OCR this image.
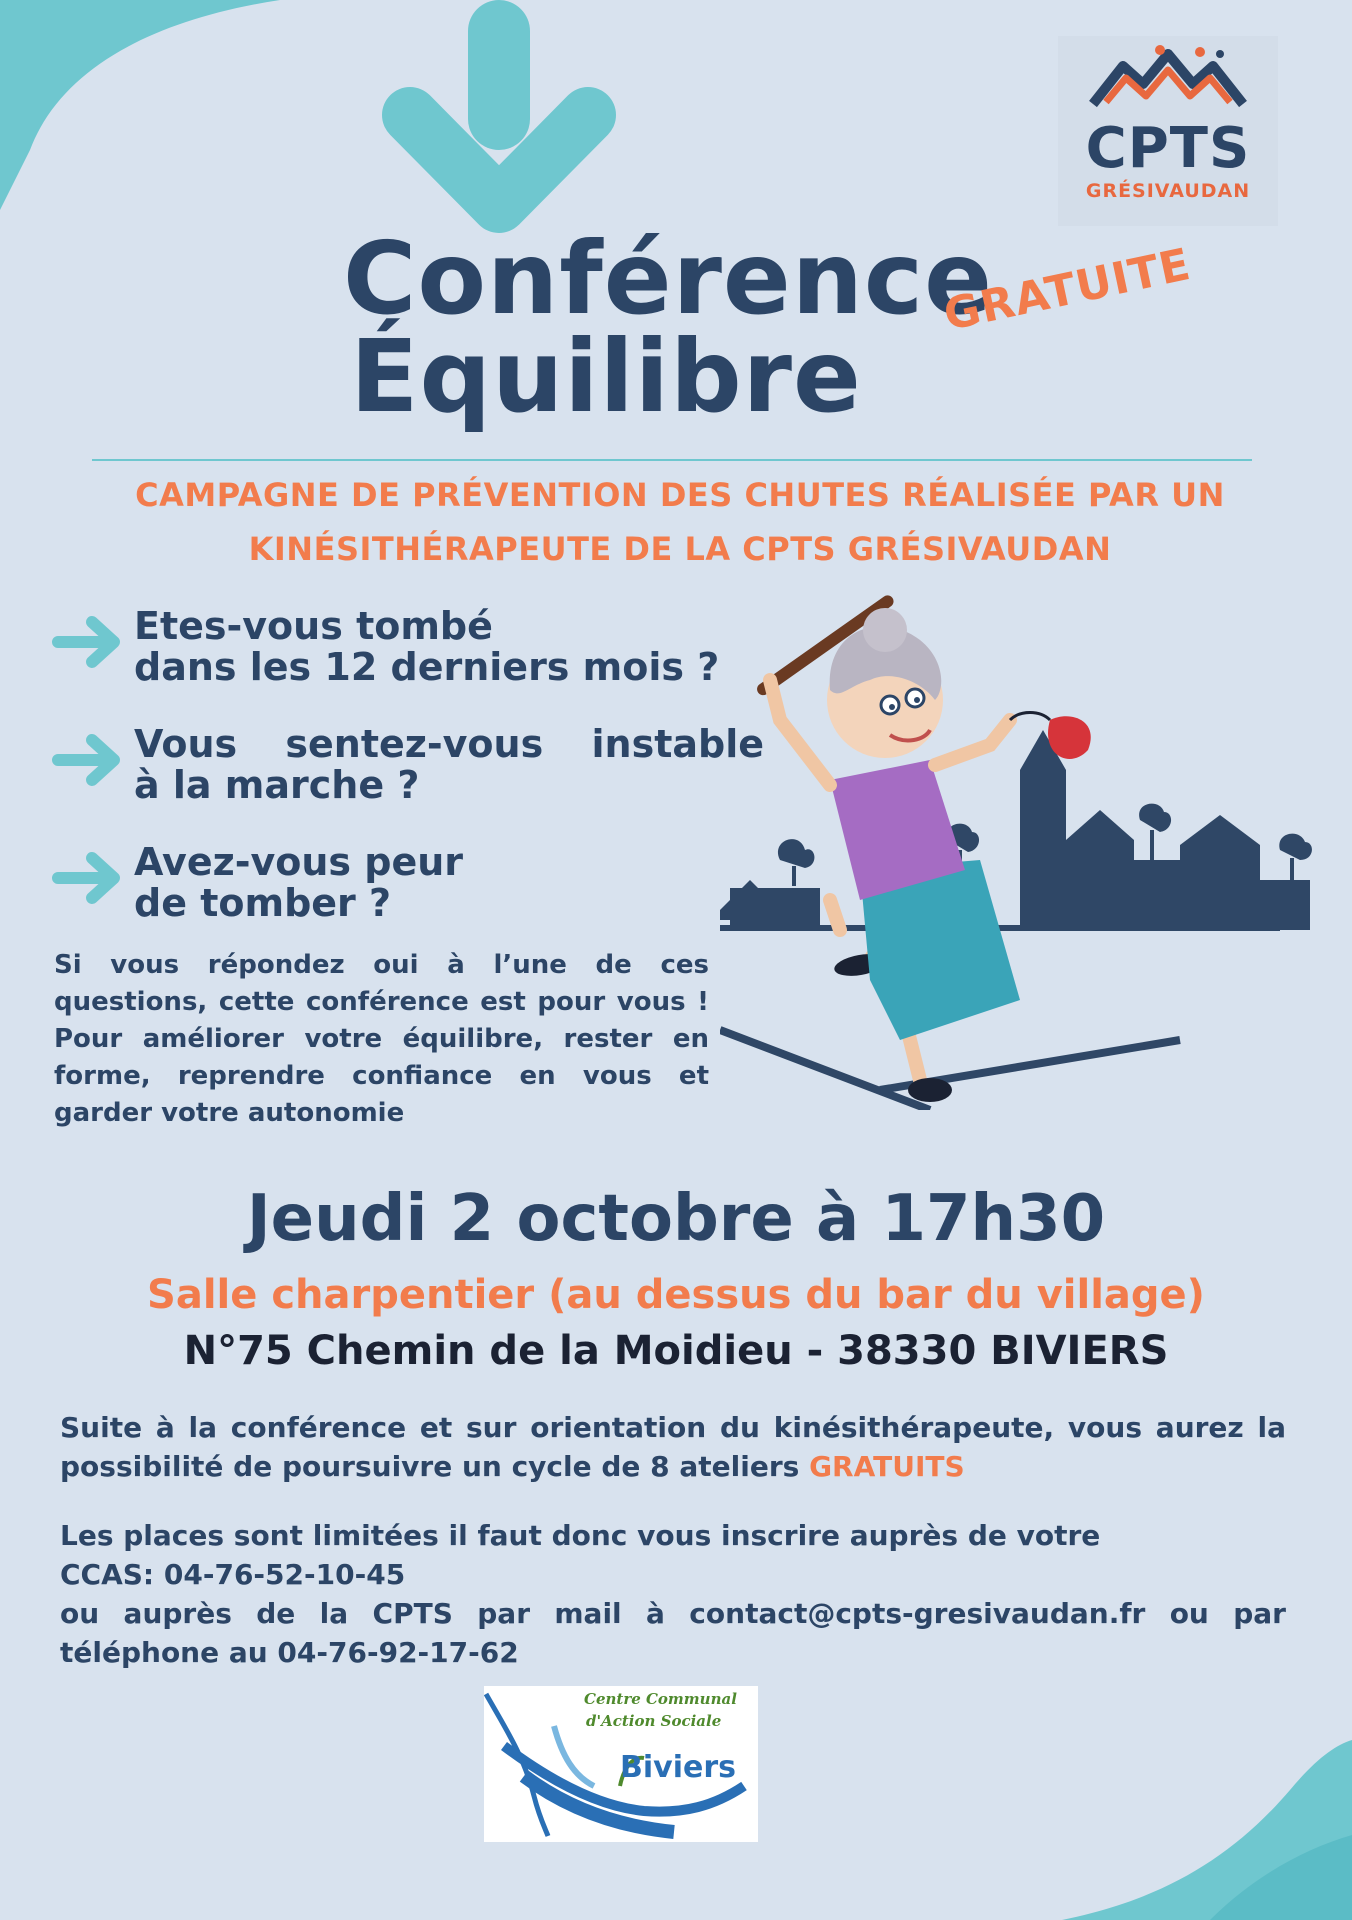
CPTS
GRÉSIVAUDAN
Conférence
Équilibre
GRATUITE
CAMPAGNE DE PRÉVENTION DES CHUTES RÉALISÉE PAR UN
KINÉSITHÉRAPEUTE DE LA CPTS GRÉSIVAUDAN
Etes-vous tombé
dans les 12 derniers mois ?
Vous sentez-vous instable
à la marche ?
Avez-vous peur
de tomber ?
Si vous répondez oui à l’une de ces questions, cette conférence est pour vous ! Pour améliorer votre équilibre, rester en forme, reprendre confiance en vous et garder votre autonomie
Jeudi 2 octobre à 17h30
Salle charpentier (au dessus du bar du village)
N°75 Chemin de la Moidieu - 38330 BIVIERS
Suite à la conférence et sur orientation du kinésithérapeute, vous aurez la possibilité de poursuivre un cycle de 8 ateliers GRATUITS
Les places sont limitées il faut donc vous inscrire auprès de votre
CCAS: 04-76-52-10-45
ou auprès de la CPTS par mail à contact@cpts-gresivaudan.fr ou par
téléphone au 04-76-92-17-62
Centre Communal
d'Action Sociale
Biviers
